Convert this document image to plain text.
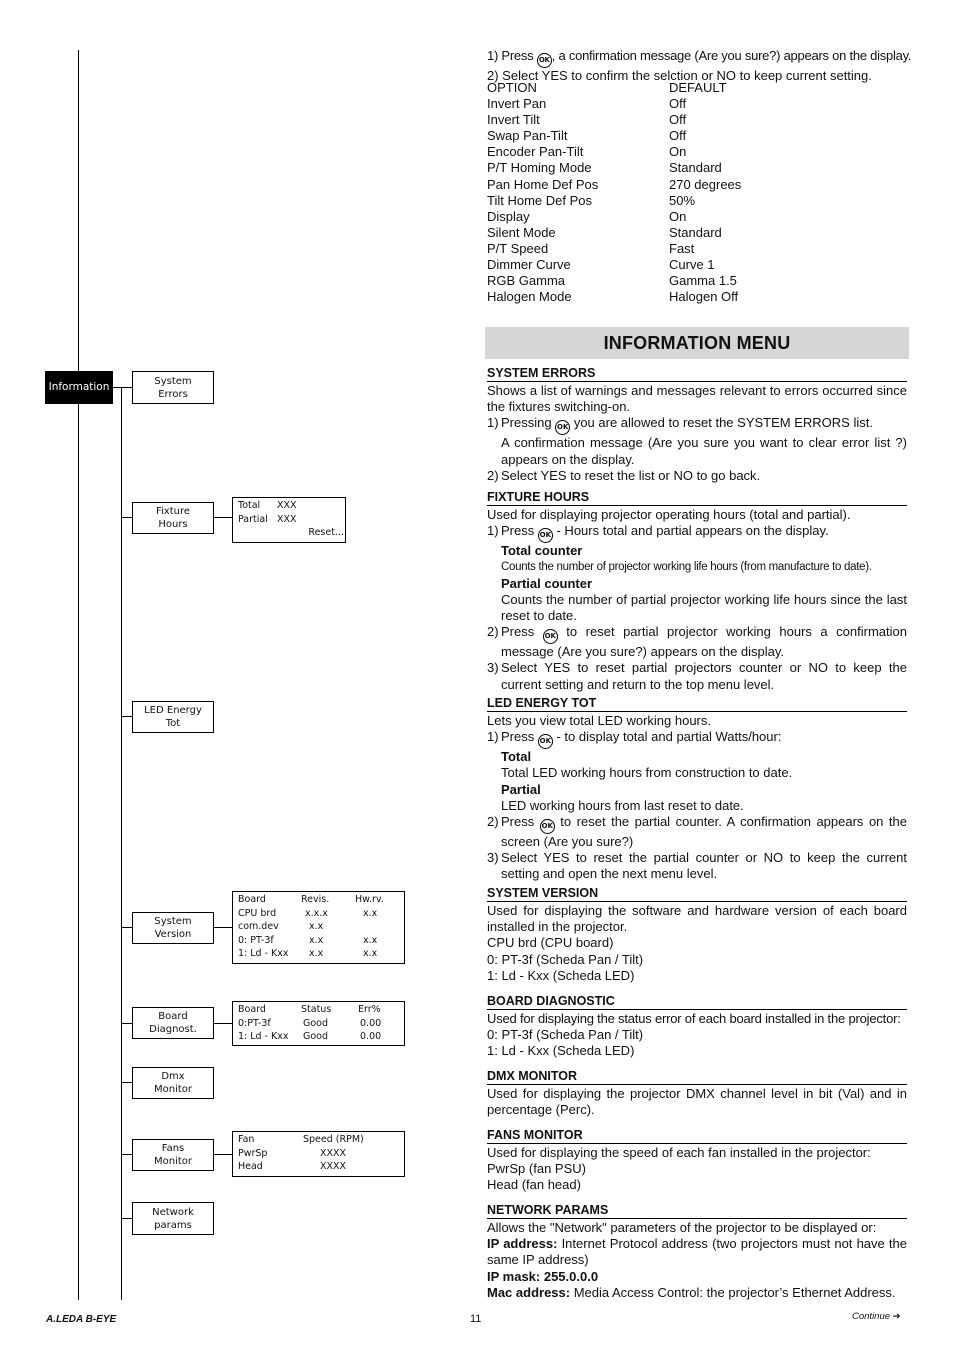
Information	System
Errors
Fixture
Hours
Total XXX
Partial XXX
Reset...
LED Energy
Tot
System
Version
Board	Revis.	Hw.rv.
CPU brd	x.x.x	x.x
com.dev	x.x
0: PT-3f	x.x	x.x
1: Ld - Kxx x.x	x.x
Board
Diagnost.
Board	Status	Err%
0:PT-3f	Good	0.00
1: Ld - Kxx Good	0.00
Dmx
Monitor
Fans
Monitor
Fan	Speed (RPM)
PwrSp	XXXX
Head	XXXX
Network
params
1) Press OK , a confirmation message (Are you sure?) appears on the display.
2) Select YES to confirm the selction or NO to keep current setting.
OPTION	DEFAULT
Invert Pan	Off
Invert Tilt	Off
Swap Pan-Tilt	Off
Encoder Pan-Tilt	On
P/T Homing Mode	Standard
Pan Home Def Pos	270 degrees
Tilt Home Def Pos	50%
Display	On
Silent Mode	Standard
P/T Speed	Fast
Dimmer Curve	Curve 1
RGB Gamma	Gamma 1.5
Halogen Mode	Halogen Off
INFORMATION MENU
SYSTEM ERRORS
Shows a list of warnings and messages relevant to errors occurred since the fixtures switching-on.
1) Pressing OK you are allowed to reset the SYSTEM ERRORS list.
A confirmation message (Are you sure you want to clear error list ?) appears on the display.
2) Select YES to reset the list or NO to go back.
FIXTURE HOURS
Used for displaying projector operating hours (total and partial).
1) Press OK - Hours total and partial appears on the display.
Total counter
Counts the number of projector working life hours (from manufacture to date).
Partial counter
Counts the number of partial projector working life hours since the last reset to date.
2) Press OK to reset partial projector working hours a confirmation message (Are you sure?) appears on the display.
3) Select YES to reset partial projectors counter or NO to keep the current setting and return to the top menu level.
LED ENERGY TOT
Lets you view total LED working hours.
1) Press OK - to display total and partial Watts/hour:
Total
Total LED working hours from construction to date.
Partial
LED working hours from last reset to date.
2) Press OK to reset the partial counter. A confirmation appears on the screen (Are you sure?)
3) Select YES to reset the partial counter or NO to keep the current setting and open the next menu level.
SYSTEM VERSION
Used for displaying the software and hardware version of each board installed in the projector.
CPU brd (CPU board)
0: PT-3f (Scheda Pan / Tilt)
1: Ld - Kxx (Scheda LED)
BOARD DIAGNOSTIC
Used for displaying the status error of each board installed in the projector:
0: PT-3f (Scheda Pan / Tilt)
1: Ld - Kxx (Scheda LED)
DMX MONITOR
Used for displaying the projector DMX channel level in bit (Val) and in percentage (Perc).
FANS MONITOR
Used for displaying the speed of each fan installed in the projector:
PwrSp (fan PSU)
Head (fan head)
NETWORK PARAMS
Allows the "Network" parameters of the projector to be displayed or:
IP address: Internet Protocol address (two projectors must not have the same IP address)
IP mask: 255.0.0.0
Mac address: Media Access Control: the projector’s Ethernet Address.
A.LEDA B-EYE	11	Continue ➔
